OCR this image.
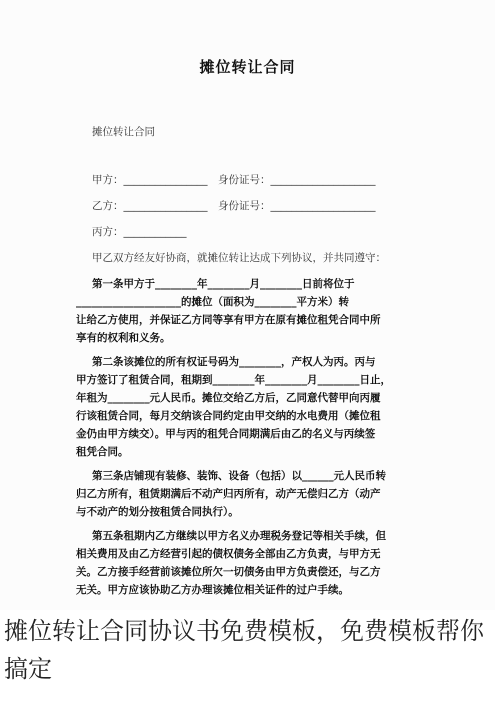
摊位转让合同
摊位转让合同
甲方：________________　身份证号：____________________
乙方：________________　身份证号：____________________
丙方：____________
甲乙双方经友好协商，就摊位转让达成下列协议，并共同遵守：
第一条甲方于________年________月________日前将位于
____________________的摊位（面积为________平方米）转
让给乙方使用，并保证乙方同等享有甲方在原有摊位租凭合同中所
享有的权利和义务。
第二条该摊位的所有权证号码为________，产权人为丙。丙与
甲方签订了租赁合同，租期到________年________月________日止，
年租为________元人民币。摊位交给乙方后，乙同意代替甲向丙履
行该租赁合同，每月交纳该合同约定由甲交纳的水电费用（摊位租
金仍由甲方续交）。甲与丙的租凭合同期满后由乙的名义与丙续签
租凭合同。
第三条店铺现有装修、装饰、设备（包括）以______元人民币转
归乙方所有，租赁期满后不动产归丙所有，动产无偿归乙方（动产
与不动产的划分按租赁合同执行）。
第五条租期内乙方继续以甲方名义办理税务登记等相关手续，但
相关费用及由乙方经营引起的债权债务全部由乙方负责，与甲方无
关。乙方接手经营前该摊位所欠一切债务由甲方负责偿还，与乙方
无关。甲方应该协助乙方办理该摊位相关证件的过户手续。
摊位转让合同协议书免费模板，免费模板帮你搞定
